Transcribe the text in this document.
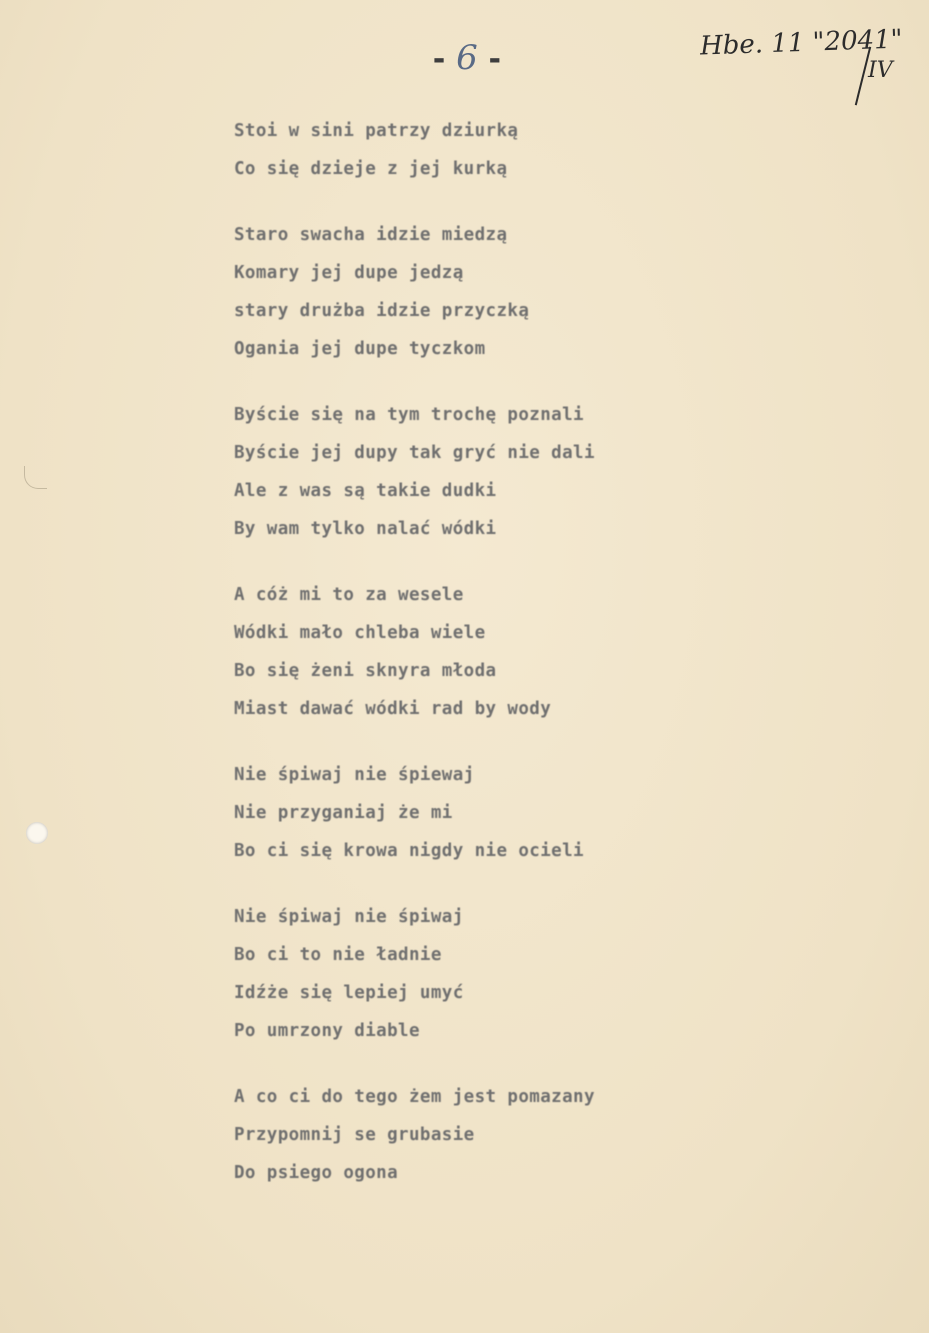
- 6 -	Hbe. 11 "2041"
IV
Stoi w sini patrzy dziurką
Co się dzieje z jej kurką
Staro swacha idzie miedzą
Komary jej dupe jedzą
stary drużba idzie przyczką
Ogania jej dupe tyczkom
Byście się na tym trochę poznali
Byście jej dupy tak gryć nie dali
Ale z was są takie dudki
By wam tylko nalać wódki
A cóż mi to za wesele
Wódki mało chleba wiele
Bo się żeni sknyra młoda
Miast dawać wódki rad by wody
Nie śpiwaj nie śpiewaj
Nie przyganiaj że mi
Bo ci się krowa nigdy nie ocieli
Nie śpiwaj nie śpiwaj
Bo ci to nie ładnie
Idźże się lepiej umyć
Po umrzony diable
A co ci do tego żem jest pomazany
Przypomnij se grubasie
Do psiego ogona
